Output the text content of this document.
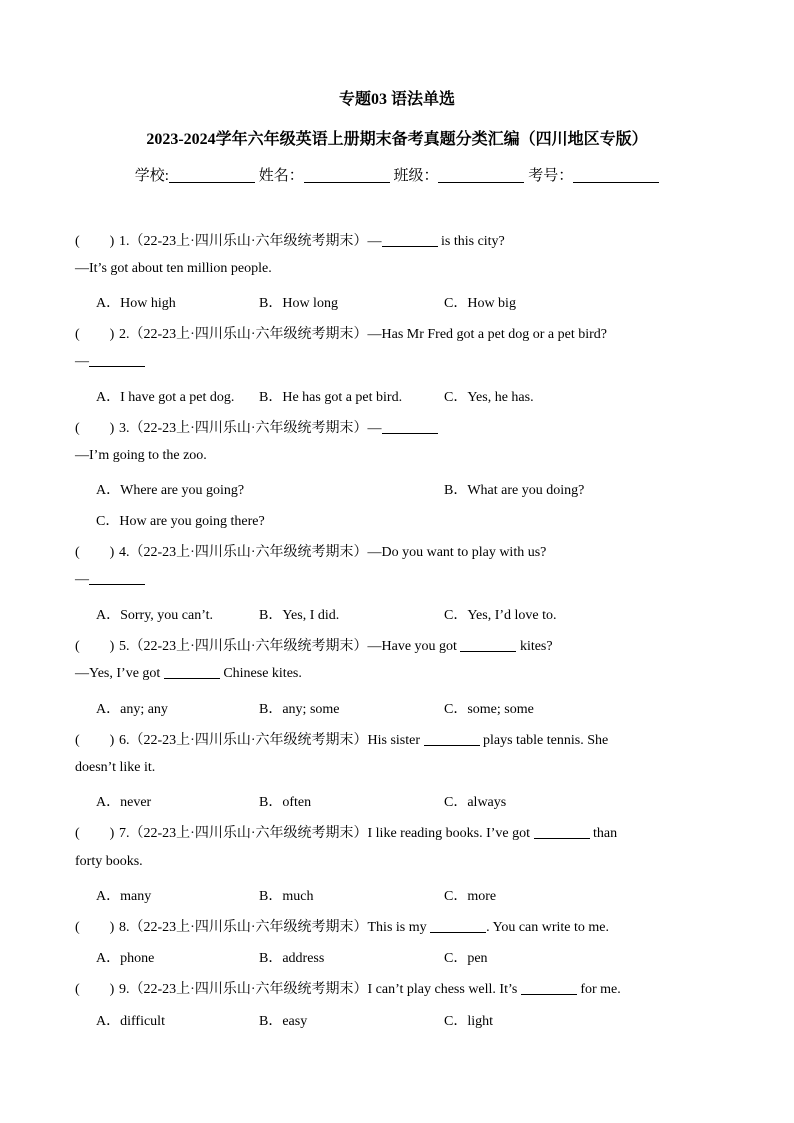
专题03 语法单选
2023-2024学年六年级英语上册期末备考真题分类汇编（四川地区专版）
学校:	姓名：	班级：	考号：
( ) 1.（22-23上·四川乐山·六年级统考期末）—	is this city?
—It’s got about ten million people.
A．How high	B．How long	C．How big
( ) 2.（22-23上·四川乐山·六年级统考期末）—Has Mr Fred got a pet dog or a pet bird?
—
A．I have got a pet dog. B．He has got a pet bird.	C．Yes, he has.
( ) 3.（22-23上·四川乐山·六年级统考期末）—
—I’m going to the zoo.
A．Where are you going?	B．What are you doing?
C．How are you going there?
( ) 4.（22-23上·四川乐山·六年级统考期末）—Do you want to play with us?
—
A．Sorry, you can’t.	B．Yes, I did.	C．Yes, I’d love to.
( ) 5.（22-23上·四川乐山·六年级统考期末）—Have you got	kites?
—Yes, I’ve got	Chinese kites.
A．any; any	B．any; some	C．some; some
( ) 6.（22-23上·四川乐山·六年级统考期末）His sister	plays table tennis. She
doesn’t like it.
A．never	B．often	C．always
( ) 7.（22-23上·四川乐山·六年级统考期末）I like reading books. I’ve got	than
forty books.
A．many	B．much	C．more
( ) 8.（22-23上·四川乐山·六年级统考期末）This is my	. You can write to me.
A．phone	B．address	C．pen
( ) 9.（22-23上·四川乐山·六年级统考期末）I can’t play chess well. It’s	for me.
A．difficult	B．easy	C．light
